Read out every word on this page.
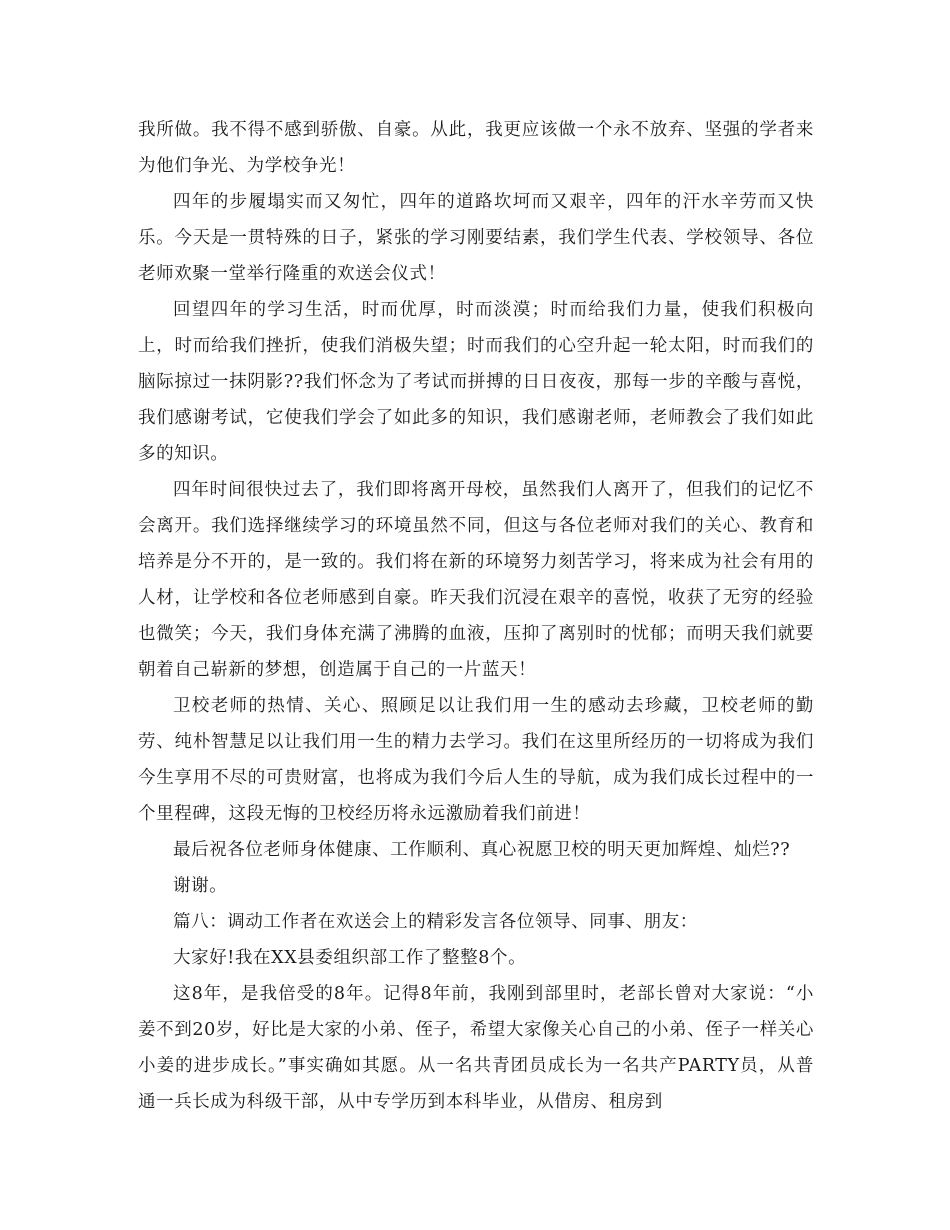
我所做。我不得不感到骄傲、自豪。从此，我更应该做一个永不放弃、坚强的学者来为他们争光、为学校争光！

四年的步履塌实而又匆忙，四年的道路坎坷而又艰辛，四年的汗水辛劳而又快乐。今天是一贯特殊的日子，紧张的学习刚要结素，我们学生代表、学校领导、各位老师欢聚一堂举行隆重的欢送会仪式！

回望四年的学习生活，时而优厚，时而淡漠；时而给我们力量，使我们积极向上，时而给我们挫折，使我们消极失望；时而我们的心空升起一轮太阳，时而我们的脑际掠过一抹阴影??我们怀念为了考试而拼搏的日日夜夜，那每一步的辛酸与喜悦，我们感谢考试，它使我们学会了如此多的知识，我们感谢老师，老师教会了我们如此多的知识。

四年时间很快过去了，我们即将离开母校，虽然我们人离开了，但我们的记忆不会离开。我们选择继续学习的环境虽然不同，但这与各位老师对我们的关心、教育和培养是分不开的，是一致的。我们将在新的环境努力刻苦学习，将来成为社会有用的人材，让学校和各位老师感到自豪。昨天我们沉浸在艰辛的喜悦，收获了无穷的经验也微笑；今天，我们身体充满了沸腾的血液，压抑了离别时的忧郁；而明天我们就要朝着自己崭新的梦想，创造属于自己的一片蓝天！

卫校老师的热情、关心、照顾足以让我们用一生的感动去珍藏，卫校老师的勤劳、纯朴智慧足以让我们用一生的精力去学习。我们在这里所经历的一切将成为我们今生享用不尽的可贵财富，也将成为我们今后人生的导航，成为我们成长过程中的一个里程碑，这段无悔的卫校经历将永远激励着我们前进！

最后祝各位老师身体健康、工作顺利、真心祝愿卫校的明天更加辉煌、灿烂??

谢谢。

篇八：调动工作者在欢送会上的精彩发言各位领导、同事、朋友：

大家好!我在XX县委组织部工作了整整8个。

这8年，是我倍受的8年。记得8年前，我刚到部里时，老部长曾对大家说：“小姜不到20岁，好比是大家的小弟、侄子，希望大家像关心自己的小弟、侄子一样关心小姜的进步成长。”事实确如其愿。从一名共青团员成长为一名共产PARTY员，从普通一兵长成为科级干部，从中专学历到本科毕业，从借房、租房到
